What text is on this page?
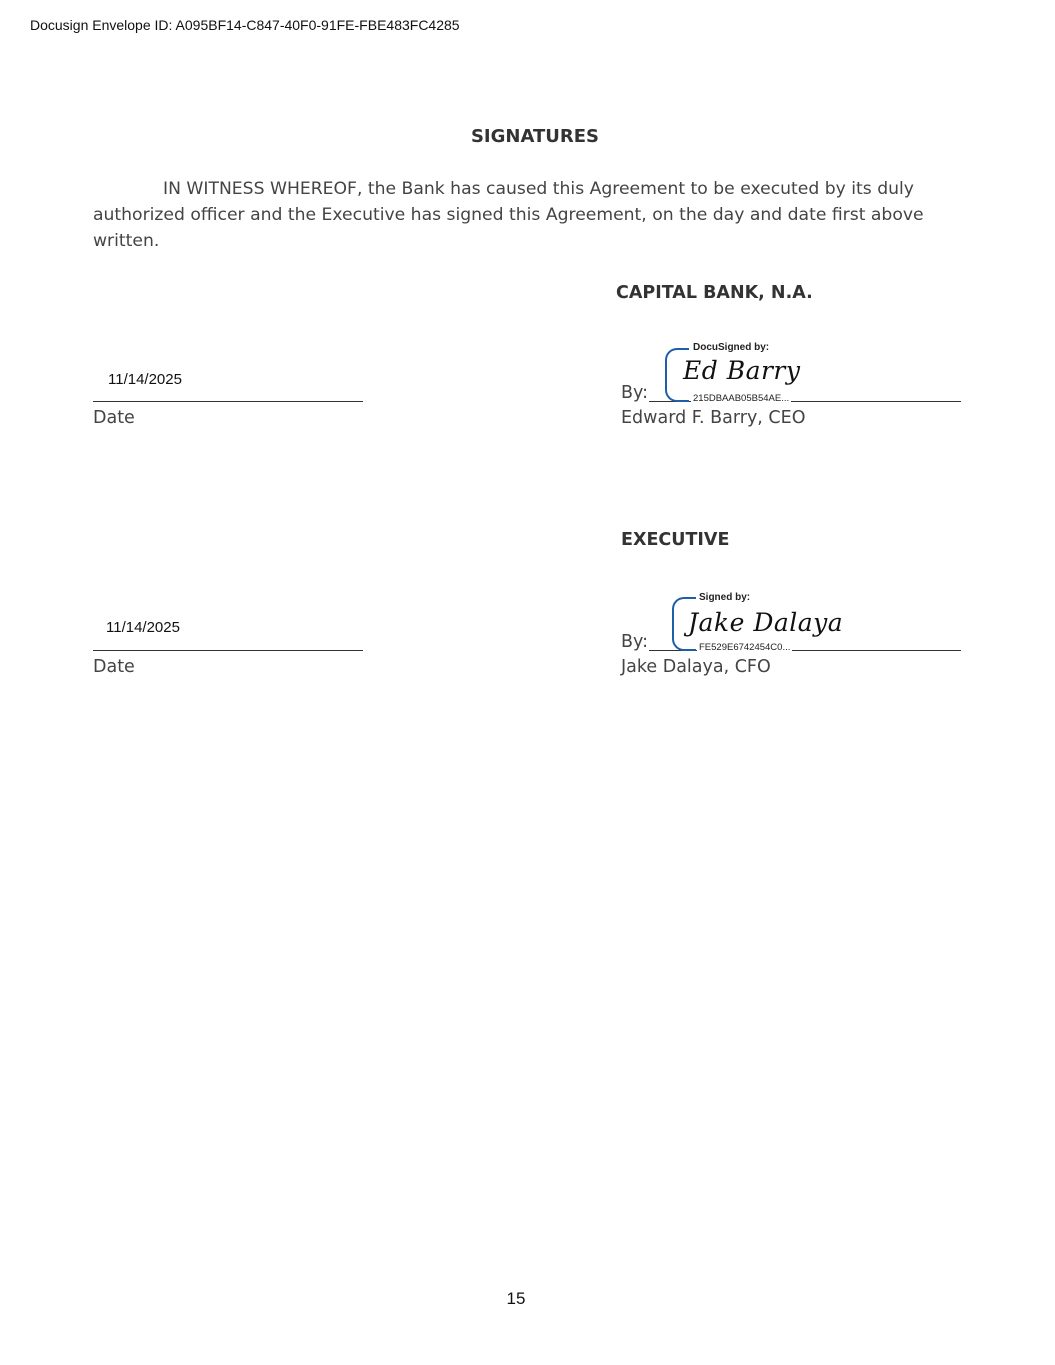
Docusign Envelope ID: A095BF14-C847-40F0-91FE-FBE483FC4285
SIGNATURES
IN WITNESS WHEREOF, the Bank has caused this Agreement to be executed by its duly authorized officer and the Executive has signed this Agreement, on the day and date first above written.
CAPITAL BANK, N.A.
11/14/2025
Date
By:
DocuSigned by:
Ed Barry
215DBAAB05B54AE...
Edward F. Barry, CEO
EXECUTIVE
11/14/2025
Date
By:
Signed by:
Jake Dalaya
FE529E6742454C0...
Jake Dalaya, CFO
15
